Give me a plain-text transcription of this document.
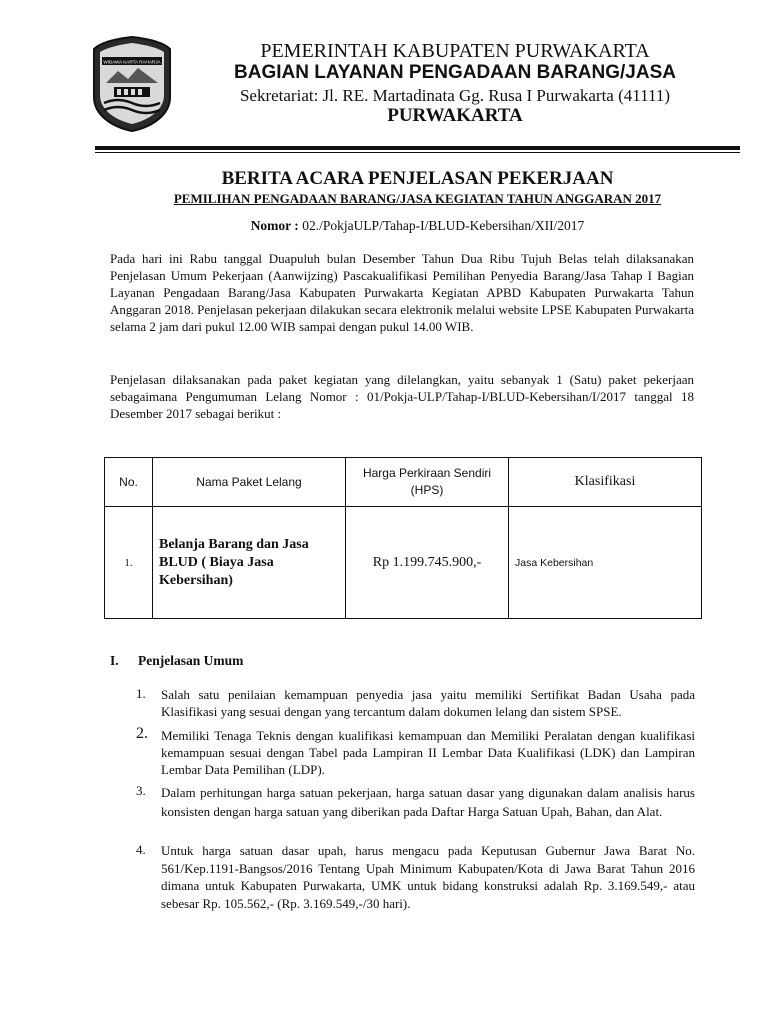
WIBAWA KARTA RAHARJA	PEMERINTAH KABUPATEN PURWAKARTA
BAGIAN LAYANAN PENGADAAN BARANG/JASA
Sekretariat: Jl. RE. Martadinata Gg. Rusa I Purwakarta (41111)
PURWAKARTA
BERITA ACARA PENJELASAN PEKERJAAN
PEMILIHAN PENGADAAN BARANG/JASA KEGIATAN TAHUN ANGGARAN 2017
Nomor : 02./PokjaULP/Tahap-I/BLUD-Kebersihan/XII/2017

Pada hari ini Rabu tanggal Duapuluh bulan Desember Tahun Dua Ribu Tujuh Belas telah dilaksanakan Penjelasan Umum Pekerjaan (Aanwijzing) Pascakualifikasi Pemilihan Penyedia Barang/Jasa Tahap I Bagian Layanan Pengadaan Barang/Jasa Kabupaten Purwakarta Kegiatan APBD Kabupaten Purwakarta Tahun Anggaran 2018. Penjelasan pekerjaan dilakukan secara elektronik melalui website LPSE Kabupaten Purwakarta selama 2 jam dari pukul 12.00 WIB sampai dengan pukul 14.00 WIB.

Penjelasan dilaksanakan pada paket kegiatan yang dilelangkan, yaitu sebanyak 1 (Satu) paket pekerjaan sebagaimana Pengumuman Lelang Nomor : 01/Pokja-ULP/Tahap-I/BLUD-Kebersihan/I/2017 tanggal 18 Desember 2017 sebagai berikut :

No.	Nama Paket Lelang	Harga Perkiraan Sendiri (HPS)	Klasifikasi
1.	Belanja Barang dan Jasa BLUD ( Biaya Jasa Kebersihan)	Rp 1.199.745.900,-	Jasa Kebersihan
I. Penjelasan Umum
1. Salah satu penilaian kemampuan penyedia jasa yaitu memiliki Sertifikat Badan Usaha pada Klasifikasi yang sesuai dengan yang tercantum dalam dokumen lelang dan sistem SPSE.

2. Memiliki Tenaga Teknis dengan kualifikasi kemampuan dan Memiliki Peralatan dengan kualifikasi kemampuan sesuai dengan Tabel pada Lampiran II Lembar Data Kualifikasi (LDK) dan Lampiran Lembar Data Pemilihan (LDP).

3. Dalam perhitungan harga satuan pekerjaan, harga satuan dasar yang digunakan dalam analisis harus konsisten dengan harga satuan yang diberikan pada Daftar Harga Satuan Upah, Bahan, dan Alat.

4. Untuk harga satuan dasar upah, harus mengacu pada Keputusan Gubernur Jawa Barat No. 561/Kep.1191-Bangsos/2016 Tentang Upah Minimum Kabupaten/Kota di Jawa Barat Tahun 2016 dimana untuk Kabupaten Purwakarta, UMK untuk bidang konstruksi adalah Rp. 3.169.549,- atau sebesar Rp. 105.562,- (Rp. 3.169.549,-/30 hari).
